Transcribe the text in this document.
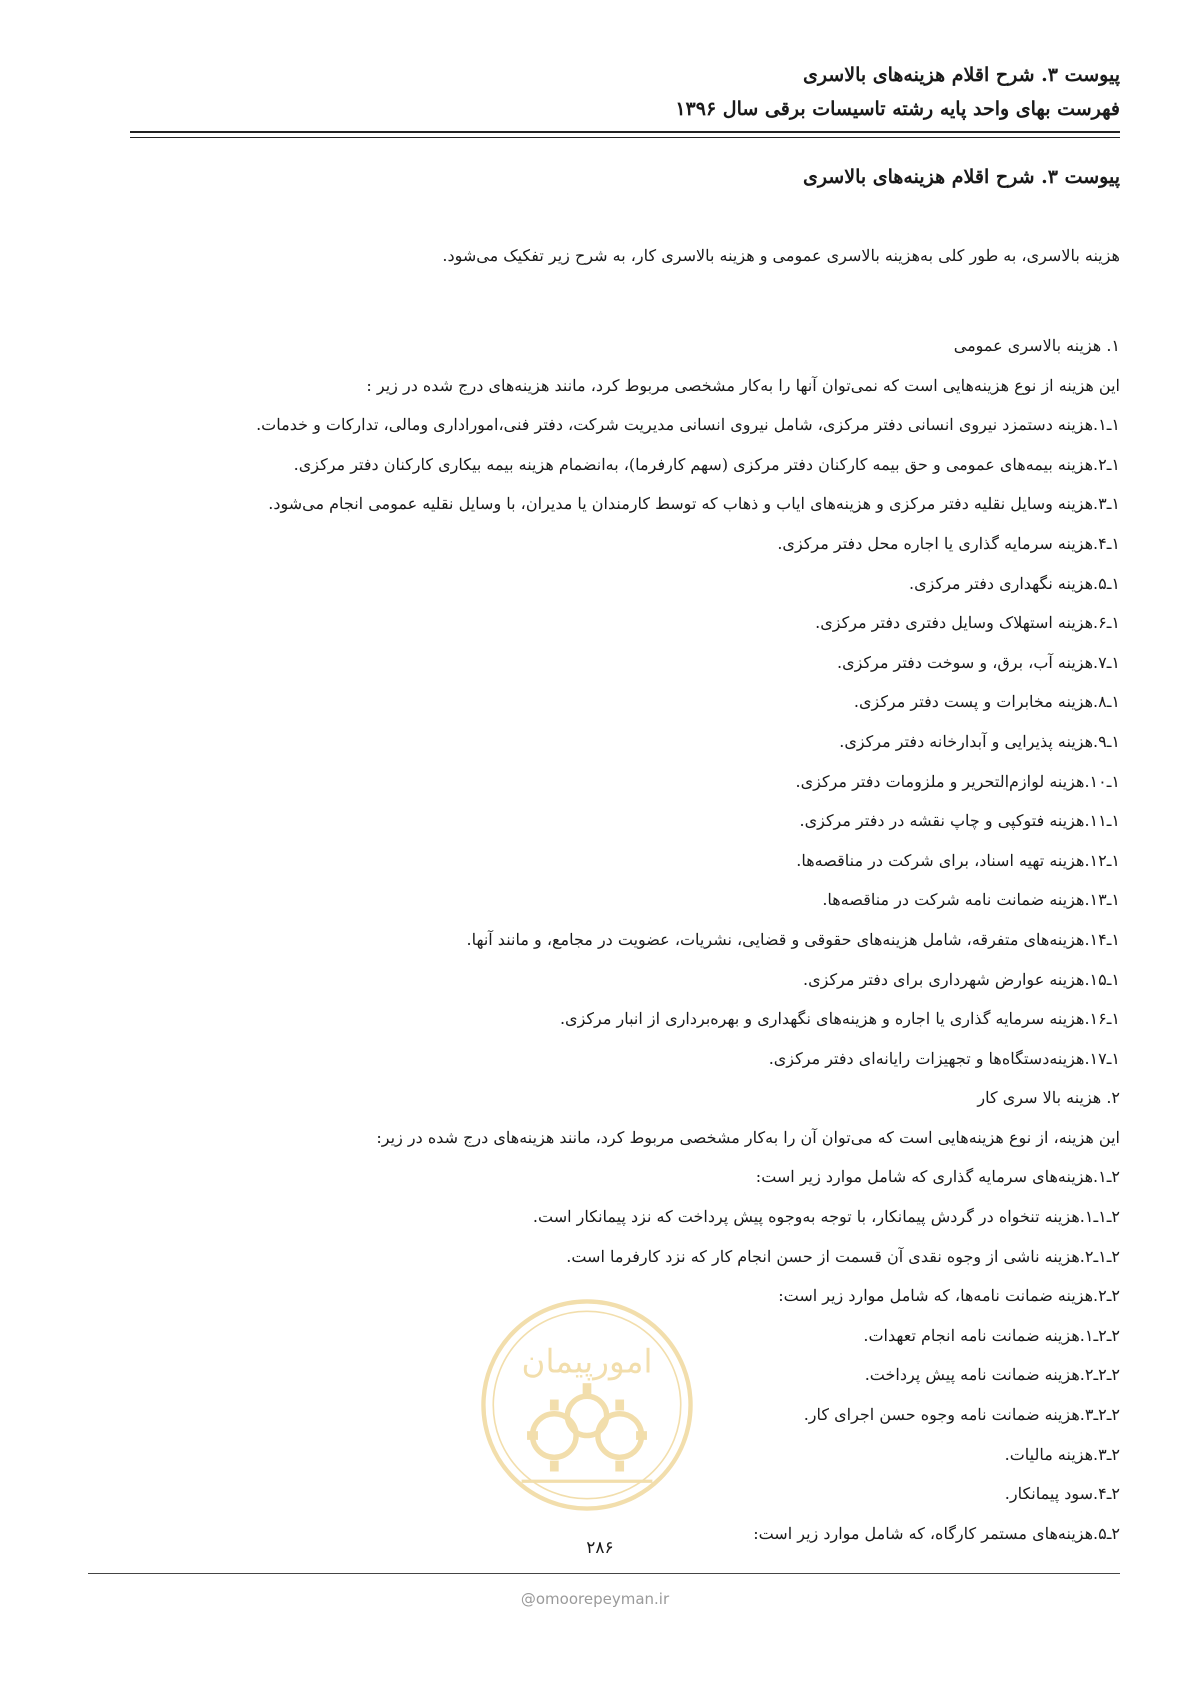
پیوست ۳. شرح اقلام هزینه‌های بالاسری
فهرست بهای واحد پایه رشته تاسیسات برقی سال ۱۳۹۶
پیوست ۳. شرح اقلام هزینه‌های بالاسری
هزینه بالاسری، به طور کلی به‌هزینه بالاسری عمومی و هزینه بالاسری کار، به شرح زیر تفکیک می‌شود.
۱. هزینه بالاسری عمومی
این هزینه از نوع هزینه‌هایی است که نمی‌توان آنها را به‌کار مشخصی مربوط کرد، مانند هزینه‌های درج شده در زیر :
۱ـ۱.هزینه دستمزد نیروی انسانی دفتر مرکزی، شامل نیروی انسانی مدیریت شرکت، دفتر فنی،اموراداری ومالی، تدارکات و خدمات.
۱ـ۲.هزینه بیمه‌های عمومی و حق بیمه کارکنان دفتر مرکزی (سهم کارفرما)، به‌انضمام هزینه بیمه بیکاری کارکنان دفتر مرکزی.
۱ـ۳.هزینه وسایل نقلیه دفتر مرکزی و هزینه‌های ایاب و ذهاب که توسط کارمندان یا مدیران، با وسایل نقلیه عمومی انجام می‌شود.
۱ـ۴.هزینه سرمایه گذاری یا اجاره محل دفتر مرکزی.
۱ـ۵.هزینه نگهداری دفتر مرکزی.
۱ـ۶.هزینه استهلاک وسایل دفتری دفتر مرکزی.
۱ـ۷.هزینه آب، برق، و سوخت دفتر مرکزی.
۱ـ۸.هزینه مخابرات و پست دفتر مرکزی.
۱ـ۹.هزینه پذیرایی و آبدارخانه دفتر مرکزی.
۱ـ۱۰.هزینه لوازم‌التحریر و ملزومات دفتر مرکزی.
۱ـ۱۱.هزینه فتوکپی و چاپ نقشه در دفتر مرکزی.
۱ـ۱۲.هزینه تهیه اسناد، برای شرکت در مناقصه‌ها.
۱ـ۱۳.هزینه ضمانت نامه شرکت در مناقصه‌ها.
۱ـ۱۴.هزینه‌های متفرقه، شامل هزینه‌های حقوقی و قضایی، نشریات، عضویت در مجامع، و مانند آنها.
۱ـ۱۵.هزینه عوارض شهرداری برای دفتر مرکزی.
۱ـ۱۶.هزینه سرمایه گذاری یا اجاره و هزینه‌های نگهداری و بهره‌برداری از انبار مرکزی.
۱ـ۱۷.هزینه‌دستگاه‌ها و تجهیزات رایانه‌ای دفتر مرکزی.
۲. هزینه بالا سری کار
این هزینه، از نوع هزینه‌هایی است که می‌توان آن را به‌کار مشخصی مربوط کرد، مانند هزینه‌های درج شده در زیر:
۲ـ۱.هزینه‌های سرمایه گذاری که شامل موارد زیر است:
۲ـ۱ـ۱.هزینه تنخواه در گردش پیمانکار، با توجه به‌وجوه پیش پرداخت که نزد پیمانکار است.
۲ـ۱ـ۲.هزینه ناشی از وجوه نقدی آن قسمت از حسن انجام کار که نزد کارفرما است.
۲ـ۲.هزینه ضمانت نامه‌ها، که شامل موارد زیر است:
۲ـ۲ـ۱.هزینه ضمانت نامه انجام تعهدات.
۲ـ۲ـ۲.هزینه ضمانت نامه پیش پرداخت.
۲ـ۲ـ۳.هزینه ضمانت نامه وجوه حسن اجرای کار.
۲ـ۳.هزینه مالیات.
۲ـ۴.سود پیمانکار.
۲ـ۵.هزینه‌های مستمر کارگاه، که شامل موارد زیر است:
امورپیمان
۲۸۶
@omoorepeyman.ir
